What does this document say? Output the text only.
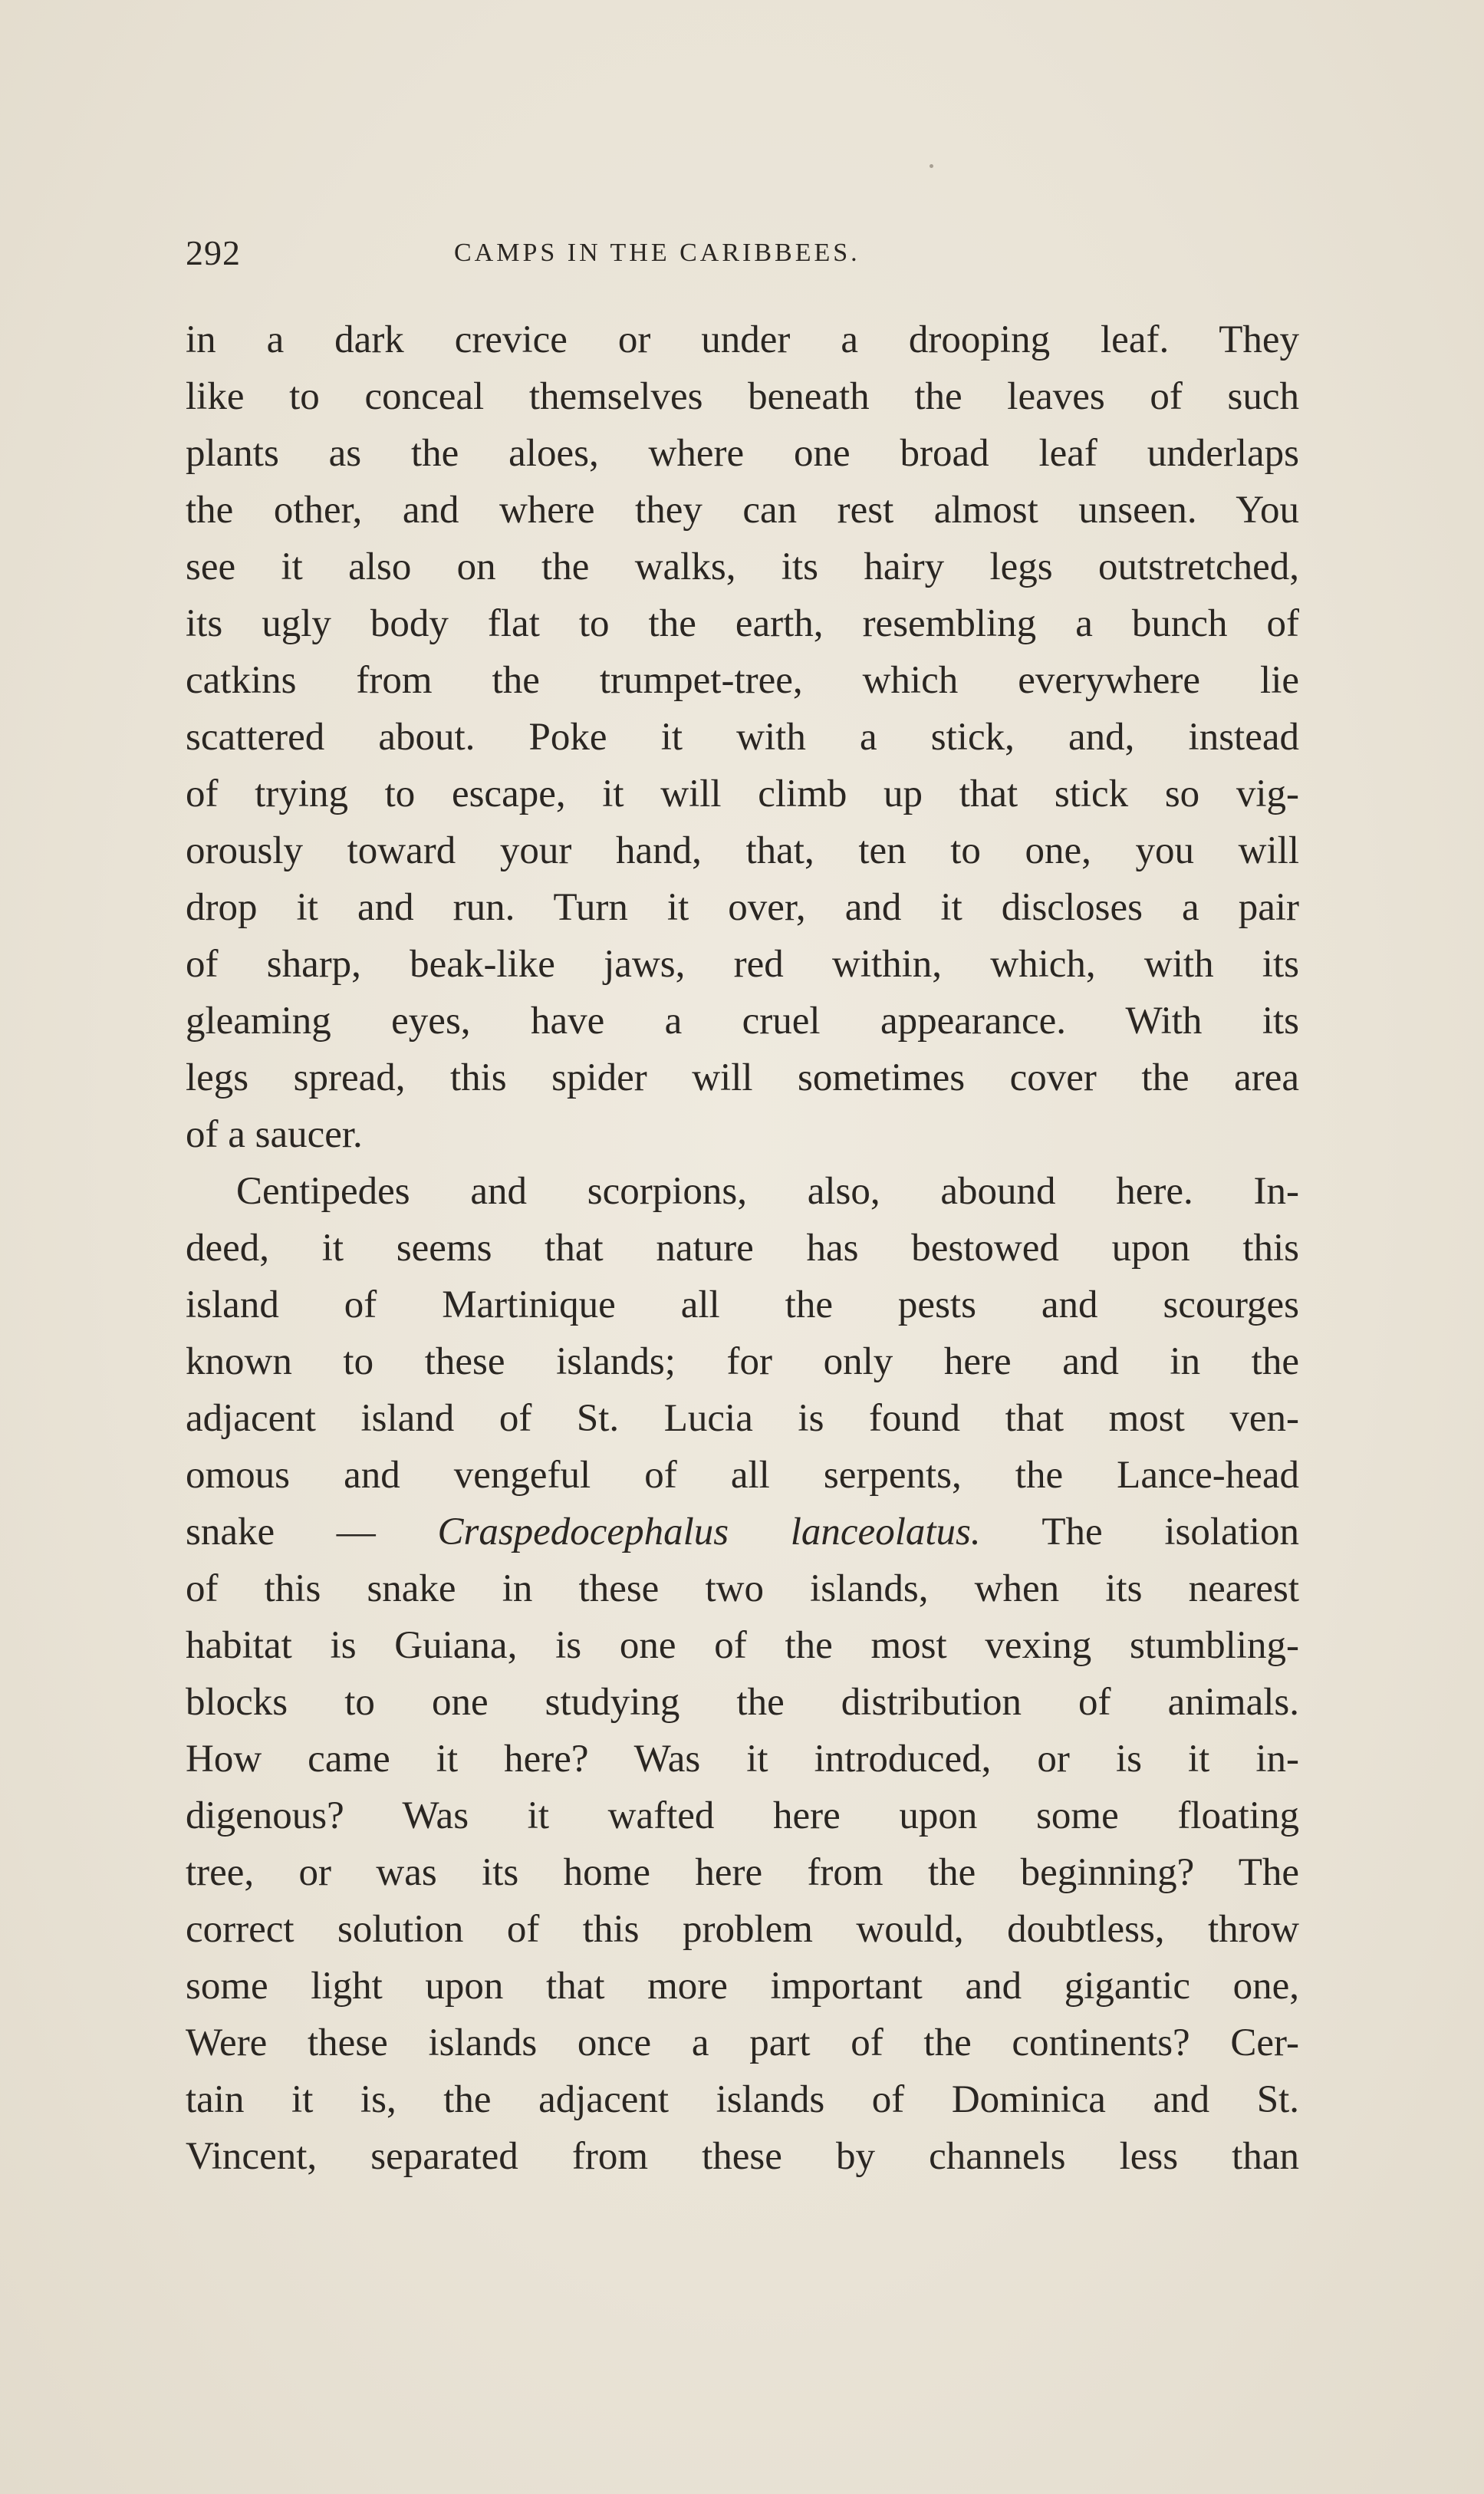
292	CAMPS IN THE CARIBBEES.
in a dark crevice or under a drooping leaf. They
like to conceal themselves beneath the leaves of such
plants as the aloes, where one broad leaf underlaps
the other, and where they can rest almost unseen. You
see it also on the walks, its hairy legs outstretched,
its ugly body flat to the earth, resembling a bunch of
catkins from the trumpet-tree, which everywhere lie
scattered about. Poke it with a stick, and, instead
of trying to escape, it will climb up that stick so vig-
orously toward your hand, that, ten to one, you will
drop it and run. Turn it over, and it discloses a pair
of sharp, beak-like jaws, red within, which, with its
gleaming eyes, have a cruel appearance. With its
legs spread, this spider will sometimes cover the area
of a saucer.
Centipedes and scorpions, also, abound here. In-
deed, it seems that nature has bestowed upon this
island of Martinique all the pests and scourges
known to these islands; for only here and in the
adjacent island of St. Lucia is found that most ven-
omous and vengeful of all serpents, the Lance-head
snake — Craspedocephalus lanceolatus. The isolation
of this snake in these two islands, when its nearest
habitat is Guiana, is one of the most vexing stumbling-
blocks to one studying the distribution of animals.
How came it here? Was it introduced, or is it in-
digenous? Was it wafted here upon some floating
tree, or was its home here from the beginning? The
correct solution of this problem would, doubtless, throw
some light upon that more important and gigantic one,
Were these islands once a part of the continents? Cer-
tain it is, the adjacent islands of Dominica and St.
Vincent, separated from these by channels less than
